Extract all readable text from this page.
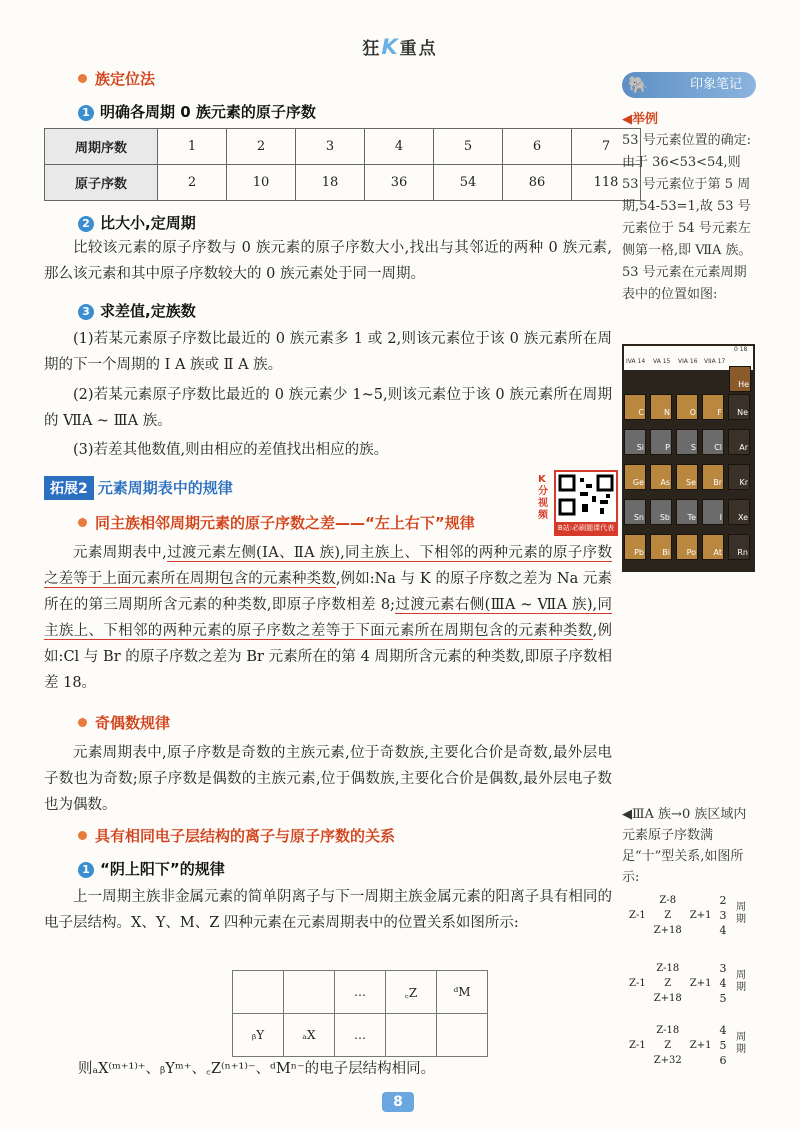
狂K重点
族定位法
1 明确各周期 0 族元素的原子序数
周期序数	1	2	3	4	5	6	7
原子序数	2	10	18	36	54	86	118
2 比大小,定周期
比较该元素的原子序数与 0 族元素的原子序数大小,找出与其邻近的两种 0 族元素,那么该元素和其中原子序数较大的 0 族元素处于同一周期。
3 求差值,定族数
(1)若某元素原子序数比最近的 0 族元素多 1 或 2,则该元素位于该 0 族元素所在周期的下一个周期的 Ⅰ A 族或 Ⅱ A 族。
(2)若某元素原子序数比最近的 0 族元素少 1~5,则该元素位于该 0 族元素所在周期的 ⅦA ~ ⅢA 族。
(3)若差其他数值,则由相应的差值找出相应的族。
拓展2 元素周期表中的规律
B站:必刷题课代表
K分视频
同主族相邻周期元素的原子序数之差——“左上右下”规律
元素周期表中,过渡元素左侧(ⅠA、ⅡA 族),同主族上、下相邻的两种元素的原子序数之差等于上面元素所在周期包含的元素种类数,例如:Na 与 K 的原子序数之差为 Na 元素所在的第三周期所含元素的种类数,即原子序数相差 8;过渡元素右侧(ⅢA ~ ⅦA 族),同主族上、下相邻的两种元素的原子序数之差等于下面元素所在周期包含的元素种类数,例如:Cl 与 Br 的原子序数之差为 Br 元素所在的第 4 周期所含元素的种类数,即原子序数相差 18。
奇偶数规律
元素周期表中,原子序数是奇数的主族元素,位于奇数族,主要化合价是奇数,最外层电子数也为奇数;原子序数是偶数的主族元素,位于偶数族,主要化合价是偶数,最外层电子数也为偶数。
具有相同电子层结构的离子与原子序数的关系
1 “阴上阳下”的规律
上一周期主族非金属元素的简单阴离子与下一周期主族金属元素的阳离子具有相同的电子层结构。X、Y、M、Z 四种元素在元素周期表中的位置关系如图所示:
		…	꜀Z	ᵈM
ᵦY	ₐX	…		
则ₐX⁽ᵐ⁺¹⁾⁺、ᵦYᵐ⁺、꜀Z⁽ⁿ⁺¹⁾⁻、ᵈMⁿ⁻的电子层结构相同。
🐘	印象笔记
◀举例
53 号元素位置的确定:由于 36<53<54,则 53 号元素位于第 5 周期,54-53=1,故 53 号元素位于 54 号元素左侧第一格,即 ⅦA 族。53 号元素在元素周期表中的位置如图:
IVA 14 VA 15 VIA 16 VIIA 17
0 18
He
C	N	O	F	Ne
Si	P	S	Cl	Ar
Ge	As	Se	Br	Kr
Sn	Sb	Te	I	Xe
Pb	Bi	Po	At	Rn
◀ⅢA 族→0 族区域内元素原子序数满足“十”型关系,如图所示:
	Z-8		2
Z-1	Z	Z+1	3
	Z+18		4
周期
	Z-18		3
Z-1	Z	Z+1	4
	Z+18		5
周期
	Z-18		4
Z-1	Z	Z+1	5
	Z+32		6
周期
8
